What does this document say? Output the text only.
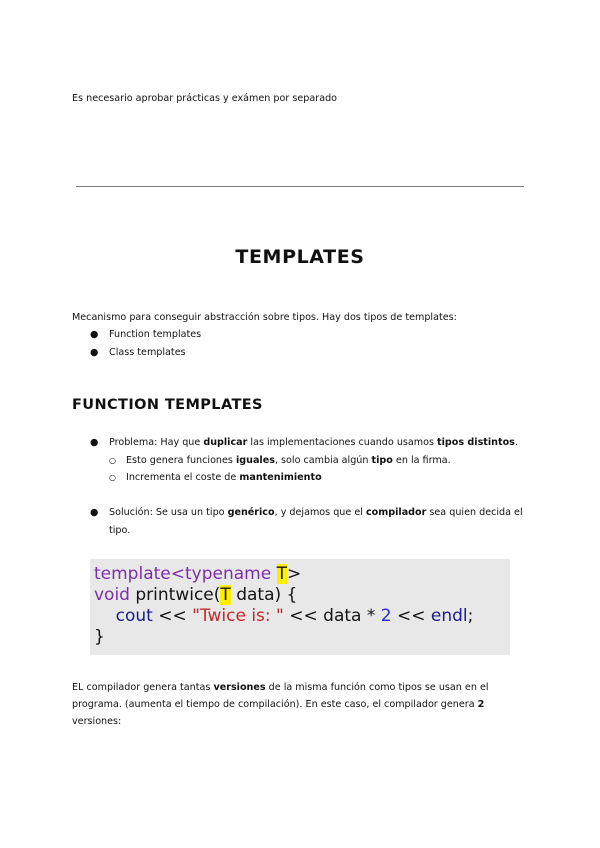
Es necesario aprobar prácticas y exámen por separado

TEMPLATES

Mecanismo para conseguir abstracción sobre tipos. Hay dos tipos de templates:

● Function templates
● Class templates
FUNCTION TEMPLATES
● Problema: Hay que duplicar las implementaciones cuando usamos tipos distintos.
○ Esto genera funciones iguales, solo cambia algún tipo en la firma.
○ Incrementa el coste de mantenimiento
● Solución: Se usa un tipo genérico, y dejamos que el compilador sea quien decida el tipo.
template<typename T>
void printwice(T data) {
cout << "Twice is: " << data * 2 << endl;
}

EL compilador genera tantas versiones de la misma función como tipos se usan en el programa. (aumenta el tiempo de compilación). En este caso, el compilador genera 2 versiones:
